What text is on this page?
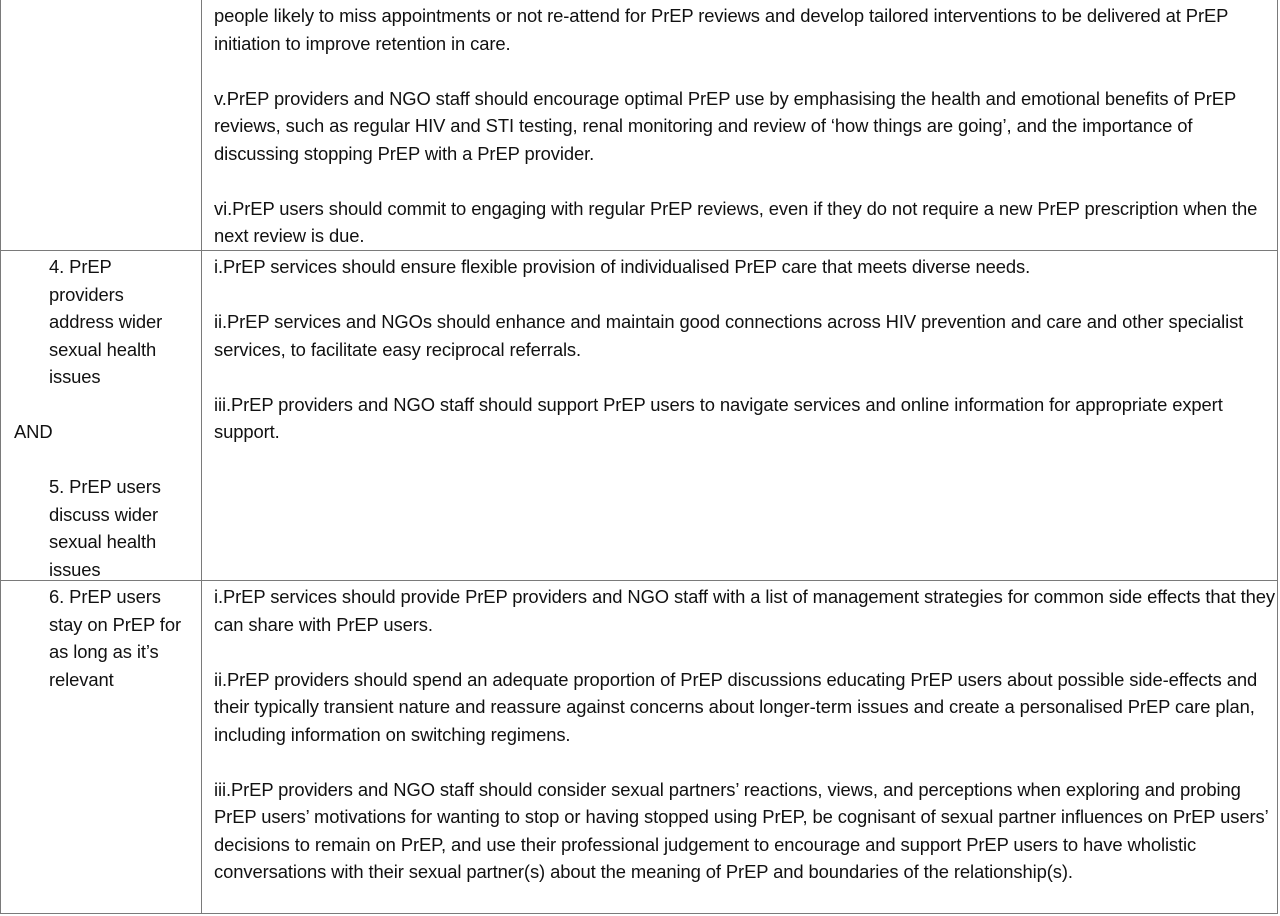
people likely to miss appointments or not re-attend for PrEP reviews and develop tailored interventions to be delivered at PrEP initiation to improve retention in care.

v.PrEP providers and NGO staff should encourage optimal PrEP use by emphasising the health and emotional benefits of PrEP reviews, such as regular HIV and STI testing, renal monitoring and review of ‘how things are going’, and the importance of discussing stopping PrEP with a PrEP provider.

vi.PrEP users should commit to engaging with regular PrEP reviews, even if they do not require a new PrEP prescription when the next review is due.

4. PrEP providers address wider sexual health issues
AND
5. PrEP users discuss wider sexual health issues

i.PrEP services should ensure flexible provision of individualised PrEP care that meets diverse needs.

ii.PrEP services and NGOs should enhance and maintain good connections across HIV prevention and care and other specialist services, to facilitate easy reciprocal referrals.

iii.PrEP providers and NGO staff should support PrEP users to navigate services and online information for appropriate expert support.

6. PrEP users stay on PrEP for as long as it’s relevant

i.PrEP services should provide PrEP providers and NGO staff with a list of management strategies for common side effects that they can share with PrEP users.

ii.PrEP providers should spend an adequate proportion of PrEP discussions educating PrEP users about possible side-effects and their typically transient nature and reassure against concerns about longer-term issues and create a personalised PrEP care plan, including information on switching regimens.

iii.PrEP providers and NGO staff should consider sexual partners’ reactions, views, and perceptions when exploring and probing PrEP users’ motivations for wanting to stop or having stopped using PrEP, be cognisant of sexual partner influences on PrEP users’ decisions to remain on PrEP, and use their professional judgement to encourage and support PrEP users to have wholistic conversations with their sexual partner(s) about the meaning of PrEP and boundaries of the relationship(s).
